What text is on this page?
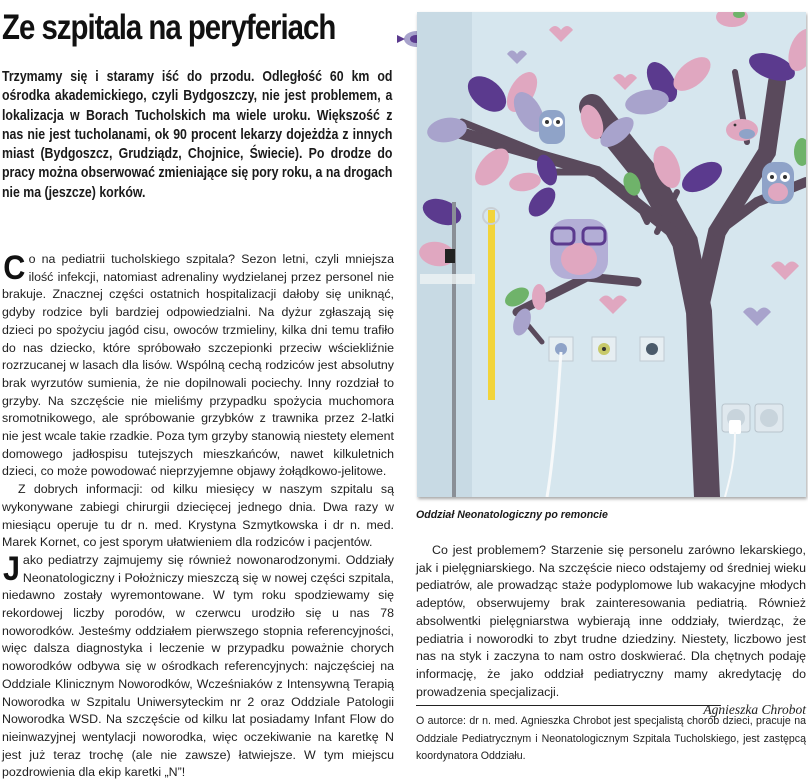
Ze szpitala na peryferiach

Trzymamy się i staramy iść do przodu. Odległość 60 km od ośrodka akademickiego, czyli Bydgoszczy, nie jest problemem, a lokalizacja w Borach Tucholskich ma wiele uroku. Większość z nas nie jest tucholanami, ok 90 procent lekarzy dojeżdża z innych miast (Bydgoszcz, Grudziądz, Chojnice, Świecie). Po drodze do pracy można obserwować zmieniające się pory roku, a na drogach nie ma (jeszcze) korków.

Co na pediatrii tucholskiego szpitala? Sezon letni, czyli mniejsza ilość infekcji, natomiast adrenaliny wydzielanej przez personel nie brakuje. Znacznej części ostatnich hospitalizacji dałoby się uniknąć, gdyby rodzice byli bardziej odpowiedzialni. Na dyżur zgłaszają się dzieci po spożyciu jagód cisu, owoców trzmieliny, kilka dni temu trafiło do nas dziecko, które spróbowało szczepionki przeciw wściekliźnie rozrzucanej w lasach dla lisów. Wspólną cechą rodziców jest absolutny brak wyrzutów sumienia, że nie dopilnowali pociechy. Inny rozdział to grzyby. Na szczęście nie mieliśmy przypadku spożycia muchomora sromotnikowego, ale spróbowanie grzybków z trawnika przez 2-latki nie jest wcale takie rzadkie. Poza tym grzyby stanowią niestety element domowego jadłospisu tutejszych mieszkańców, nawet kilkuletnich dzieci, co może powodować nieprzyjemne objawy żołądkowo-jelitowe.

Z dobrych informacji: od kilku miesięcy w naszym szpitalu są wykonywane zabiegi chirurgii dziecięcej jednego dnia. Dwa razy w miesiącu operuje tu dr n. med. Krystyna Szmytkowska i dr n. med. Marek Kornet, co jest sporym ułatwieniem dla rodziców i pacjentów.

Jako pediatrzy zajmujemy się również nowonarodzonymi. Oddziały Neonatologiczny i Położniczy mieszczą się w nowej części szpitala, niedawno zostały wyremontowane. W tym roku spodziewamy się rekordowej liczby porodów, w czerwcu urodziło się u nas 78 noworodków. Jesteśmy oddziałem pierwszego stopnia referencyjności, więc dalsza diagnostyka i leczenie w przypadku poważnie chorych noworodków odbywa się w ośrodkach referencyjnych: najczęściej na Oddziale Klinicznym Noworodków, Wcześniaków z Intensywną Terapią Noworodka w Szpitalu Uniwersyteckim nr 2 oraz Oddziale Patologii Noworodka WSD. Na szczęście od kilku lat posiadamy Infant Flow do nieinwazyjnej wentylacji noworodka, więc oczekiwanie na karetkę N jest już teraz trochę (ale nie zawsze) łatwiejsze. W tym miejscu pozdrowienia dla ekip karetki „N”!

Oddział Neonatologiczny po remoncie

Co jest problemem? Starzenie się personelu zarówno lekarskiego, jak i pielęgniarskiego. Na szczęście nieco odstajemy od średniej wieku pediatrów, ale prowadząc staże podyplomowe lub wakacyjne młodych adeptów, obserwujemy brak zainteresowania pediatrią. Również absolwentki pielęgniarstwa wybierają inne oddziały, twierdząc, że pediatria i noworodki to zbyt trudne dziedziny. Niestety, liczbowo jest nas na styk i zaczyna to nam ostro doskwierać. Dla chętnych podaję informację, że jako oddział pediatryczny mamy akredytację do prowadzenia specjalizacji.

Agnieszka Chrobot

O autorce: dr n. med. Agnieszka Chrobot jest specjalistą chorób dzieci, pracuje na Oddziale Pediatrycznym i Neonatologicznym Szpitala Tucholskiego, jest zastępcą koordynatora Oddziału.
